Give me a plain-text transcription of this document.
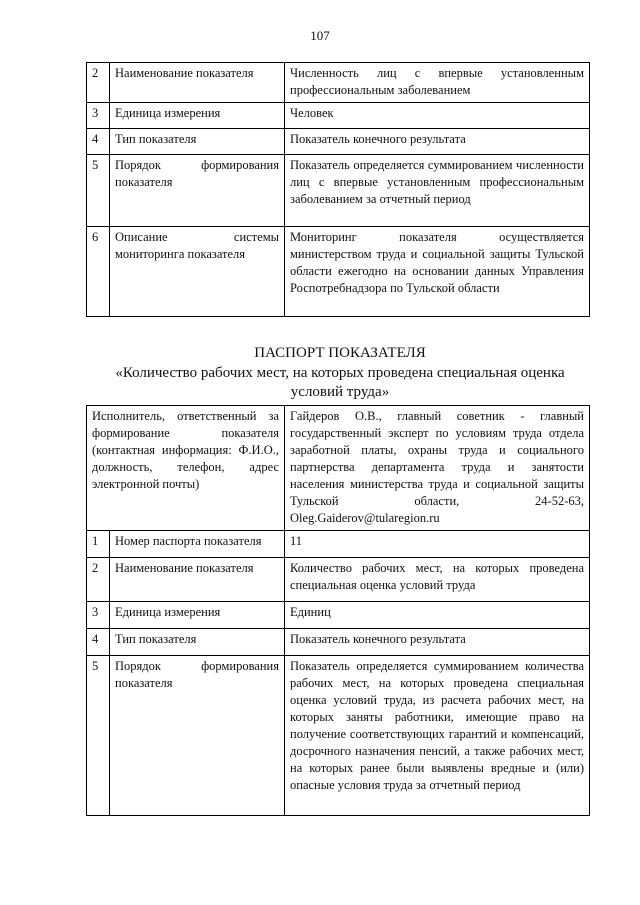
107
2	Наименование показателя	Численность лиц с впервые установленным профессиональным заболеванием
3	Единица измерения	Человек
4	Тип показателя	Показатель конечного результата
5	Порядок формирования показателя	Показатель определяется суммированием численности лиц с впервые установленным профессиональным заболеванием за отчетный период
6	Описание системы мониторинга показателя	Мониторинг показателя осуществляется министерством труда и социальной защиты Тульской области ежегодно на основании данных Управления Роспотребнадзора по Тульской области
ПАСПОРТ ПОКАЗАТЕЛЯ
«Количество рабочих мест, на которых проведена специальная оценка условий труда»
Исполнитель, ответственный за формирование показателя (контактная информация: Ф.И.О., должность, телефон, адрес электронной почты)		Гайдеров О.В., главный советник - главный государственный эксперт по условиям труда отдела заработной платы, охраны труда и социального партнерства департамента труда и занятости населения министерства труда и социальной защиты Тульской области, 24-52-63, Oleg.Gaiderov@tularegion.ru
1	Номер паспорта показателя	11
2	Наименование показателя	Количество рабочих мест, на которых проведена специальная оценка условий труда
3	Единица измерения	Единиц
4	Тип показателя	Показатель конечного результата
5	Порядок формирования показателя	Показатель определяется суммированием количества рабочих мест, на которых проведена специальная оценка условий труда, из расчета рабочих мест, на которых заняты работники, имеющие право на получение соответствующих гарантий и компенсаций, досрочного назначения пенсий, а также рабочих мест, на которых ранее были выявлены вредные и (или) опасные условия труда за отчетный период
